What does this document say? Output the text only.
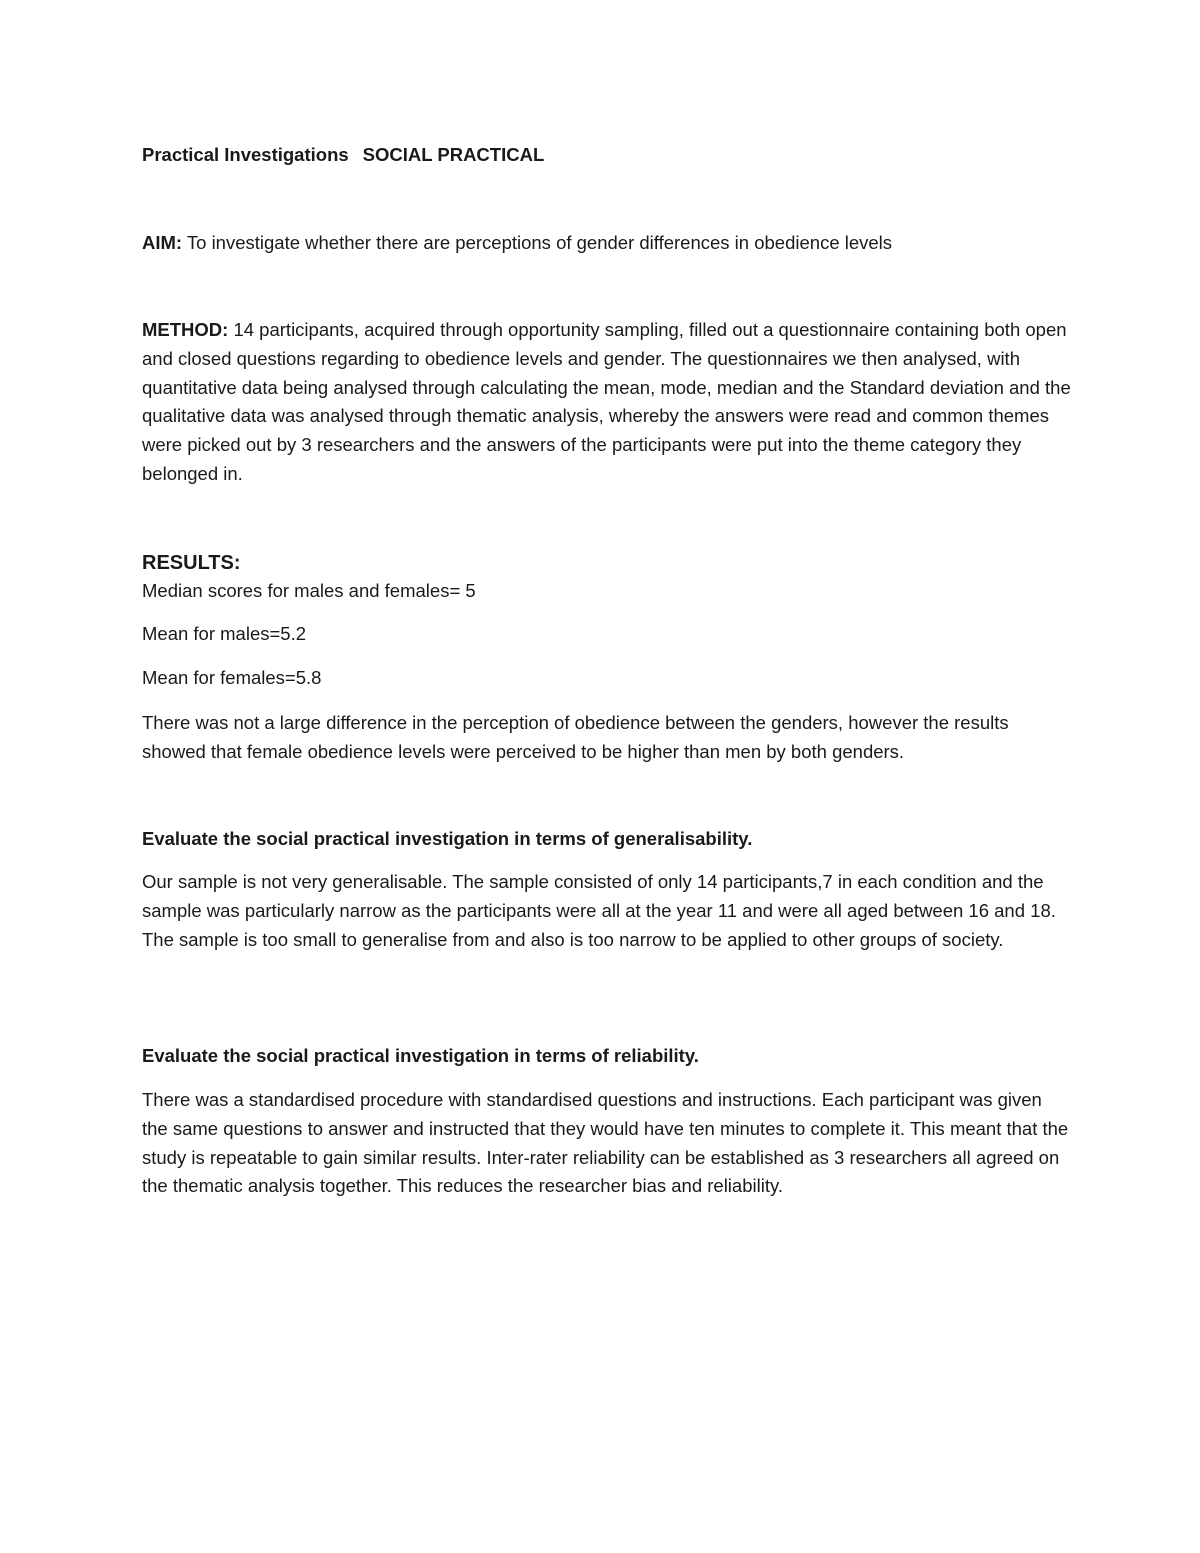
Practical Investigations SOCIAL PRACTICAL

AIM: To investigate whether there are perceptions of gender differences in obedience levels

METHOD: 14 participants, acquired through opportunity sampling, filled out a questionnaire containing both open and closed questions regarding to obedience levels and gender. The questionnaires we then analysed, with quantitative data being analysed through calculating the mean, mode, median and the Standard deviation and the qualitative data was analysed through thematic analysis, whereby the answers were read and common themes were picked out by 3 researchers and the answers of the participants were put into the theme category they belonged in.

RESULTS:
Median scores for males and females= 5
Mean for males=5.2
Mean for females=5.8

There was not a large difference in the perception of obedience between the genders, however the results showed that female obedience levels were perceived to be higher than men by both genders.

Evaluate the social practical investigation in terms of generalisability.

Our sample is not very generalisable. The sample consisted of only 14 participants,7 in each condition and the sample was particularly narrow as the participants were all at the year 11 and were all aged between 16 and 18. The sample is too small to generalise from and also is too narrow to be applied to other groups of society.

Evaluate the social practical investigation in terms of reliability.

There was a standardised procedure with standardised questions and instructions. Each participant was given the same questions to answer and instructed that they would have ten minutes to complete it. This meant that the study is repeatable to gain similar results. Inter-rater reliability can be established as 3 researchers all agreed on the thematic analysis together. This reduces the researcher bias and reliability.
